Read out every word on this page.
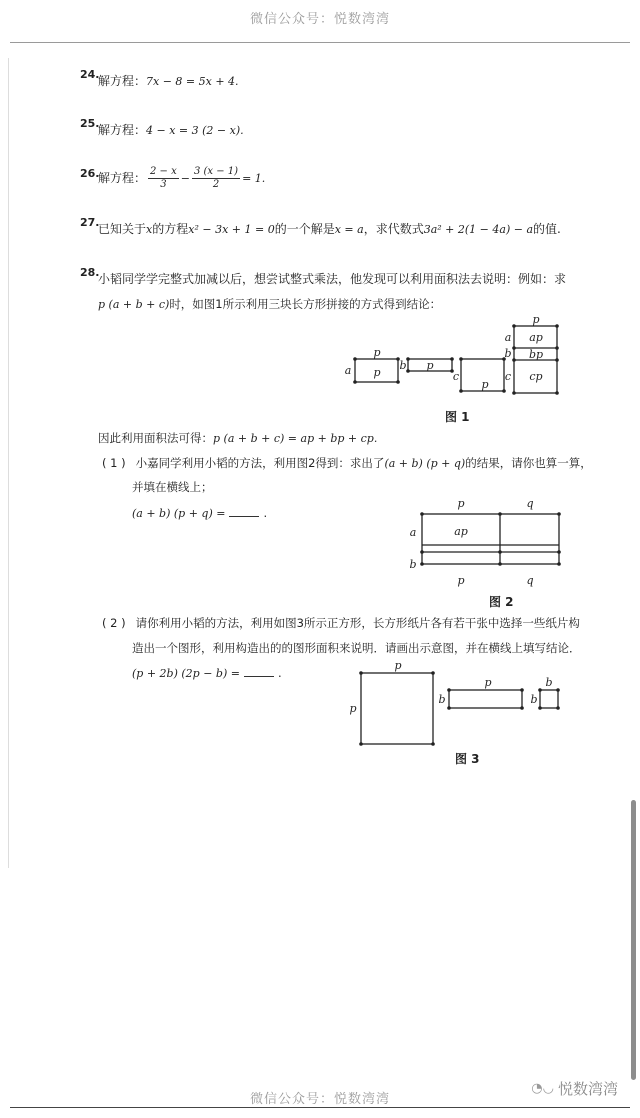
微信公众号：悦数湾湾
24.
解方程：7x − 8 = 5x + 4.
25.
解方程：4 − x = 3 (2 − x).
26.
解方程： $\frac{2 - x}{3} - \frac{3 (x - 1)}{2} = 1$.
27.
已知关于x的方程x² − 3x + 1 = 0的一个解是x = a，求代数式3a² + 2(1 − 4a) − a的值.
28.
小韬同学学完整式加减以后，想尝试整式乘法，他发现可以利用面积法去说明：例如：求
p (a + b + c)时，如图1所示利用三块长方形拼接的方式得到结论：
p
p
a	p
b
p
c
p
ap
bp
cp
a
b
c
图 1
因此利用面积法可得：p (a + b + c) = ap + bp + cp.
( 1 ) 小嘉同学利用小韬的方法，利用图2得到：求出了(a + b) (p + q)的结果，请你也算一算，
并填在横线上；
(a + b) (p + q) =	.
p	q
ap
a
b
p	q
图 2
( 2 ) 请你利用小韬的方法，利用如图3所示正方形，长方形纸片各有若干张中选择一些纸片构
造出一个图形，利用构造出的的图形面积来说明．请画出示意图，并在横线上填写结论．
(p + 2b) (2p − b) =	.
p
p
p
b
b
b
图 3
微信公众号：悦数湾湾
◔◡ 悦数湾湾
